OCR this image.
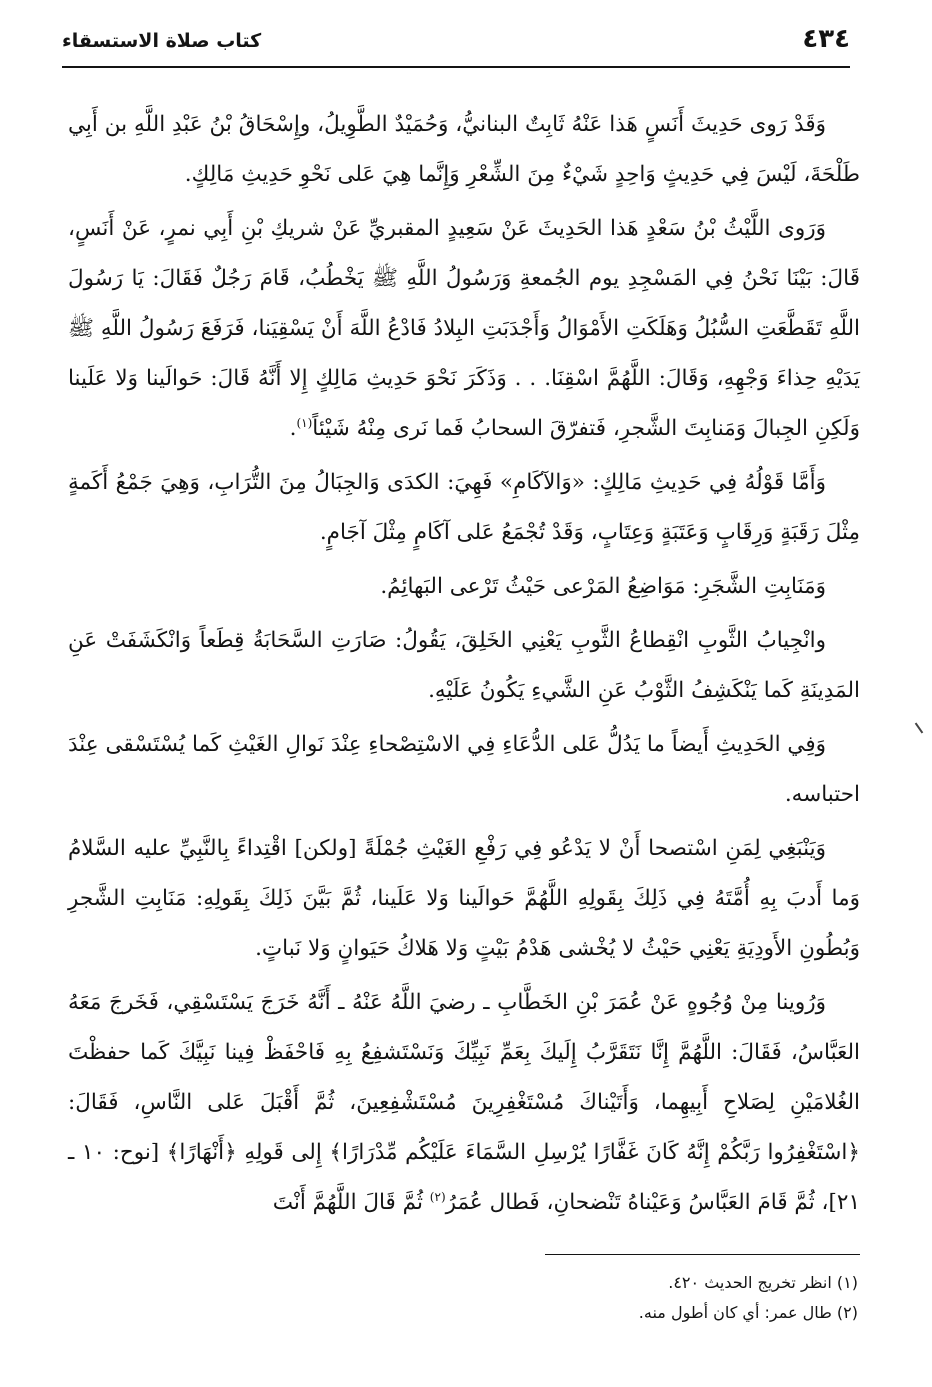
٤٣٤
كتاب صلاة الاستسقاء

وَقَدْ رَوى حَدِيثَ أَنَسٍ هَذا عَنْهُ ثَابِتٌ البنانيُّ، وَحُمَيْدٌ الطَّوِيلُ، وإِسْحَاقُ بْنُ عَبْدِ اللَّهِ بن أَبِي طَلْحَةَ، لَيْسَ فِي حَدِيثٍ وَاحِدٍ شَيْءٌ مِنَ الشِّعْرِ وَإِنَّما هِيَ عَلى نَحْوِ حَدِيثِ مَالِكٍ.

وَرَوى اللَّيْثُ بْنُ سَعْدٍ هَذا الحَدِيثَ عَنْ سَعِيدٍ المقبريِّ عَنْ شريكِ بْنِ أَبِي نمرٍ، عَنْ أَنَسٍ، قَالَ: بَيْنَا نَحْنُ فِي المَسْجِدِ يوم الجُمعةِ وَرَسُولُ اللَّهِ ﷺ يَخْطُبُ، قَامَ رَجُلٌ فَقَالَ: يَا رَسُولَ اللَّهِ تَقَطَّعَتِ السُّبُلُ وَهَلَكَتِ الأَمْوَالُ وَأَجْدَبَتِ البِلادُ فَادْعُ اللَّهَ أَنْ يَسْقِيَنا، فَرَفَعَ رَسُولُ اللَّهِ ﷺ يَدَيْهِ حِذاءَ وَجْهِهِ، وَقَالَ: اللَّهُمَّ اسْقِنَا. . . وَذَكَرَ نَحْوَ حَدِيثِ مَالِكٍ إِلا أَنَّهُ قَالَ: حَوالَينا وَلا عَلَينا وَلَكِنِ الجِبالَ وَمَنابِتَ الشَّجرِ، فَتفرّقَ السحابُ فَما نَرى مِنْهُ شَيْئاً$^{(١)}$.

وَأَمَّا قَوْلُهُ فِي حَدِيثِ مَالِكٍ: «وَالآكَامِ» فَهِيَ: الكدَى وَالجِبَالُ مِنَ التُّرَابِ، وَهِيَ جَمْعُ أَكَمةٍ مِثْلَ رَقَبَةٍ وَرِقَابٍ وَعَتَبَةٍ وَعِتَابٍ، وَقَدْ تُجْمَعُ عَلى آكَامٍ مِثْلَ آجَامٍ.

وَمَنَابِتِ الشَّجَرِ: مَوَاضِعُ المَرْعى حَيْثُ تَرْعى البَهائِمُ.

وانْجِيابُ الثَّوبِ انْقِطاعُ الثَّوبِ يَعْنِي الخَلِقَ، يَقُولُ: صَارَتِ السَّحَابَةُ قِطَعاً وَانْكَشَفَتْ عَنِ المَدِينَةِ كَما يَنْكَشِفُ الثَّوْبُ عَنِ الشَّيءِ يَكُونُ عَلَيْهِ.

وَفِي الحَدِيثِ أَيضاً ما يَدُلُّ عَلى الدُّعَاءِ فِي الاسْتِصْحاءِ عِنْدَ نَوالِ الغَيْثِ كَما يُسْتَسْقى عِنْدَ احتباسه.

وَيَنْبَغِي لِمَنِ اسْتصحا أَنْ لا يَدْعُو فِي رَفْعِ الغَيْثِ جُمْلَةً [ولكن] اقْتِداءً بِالنَّبِيِّ عليه السَّلامُ وَما أَدبَ بِهِ أُمَّتَهُ فِي ذَلِكَ بِقَولِهِ اللَّهُمَّ حَوالَينا وَلا عَلَينا، ثُمَّ بَيَّنَ ذَلِكَ بِقَولِهِ: مَنَابِتِ الشَّجرِ وَبُطُونِ الأَودِيَةِ يَعْنِي حَيْثُ لا يُخْشى هَدْمُ بَيْتٍ وَلا هَلاكُ حَيَوانٍ وَلا نَباتٍ.

وَرُوينا مِنْ وُجُوهٍ عَنْ عُمَرَ بْنِ الخَطَّابِ ـ رضيَ اللَّهُ عَنْهُ ـ أَنَّهُ خَرَجَ يَسْتَسْقِي، فَخَرجَ مَعَهُ العَبَّاسُ، فَقَالَ: اللَّهُمَّ إِنَّا نَتَقَرَّبُ إِلَيكَ بِعَمِّ نَبِيِّكَ وَنَسْتَشفِعُ بِهِ فَاحْفَظْ فِينا نَبِيَّكَ كَما حفظْتَ الغُلامَيْنِ لِصَلاحِ أَبِيهِما، وَأَتَيْناكَ مُسْتَغْفِرِينَ مُسْتَشْفِعِينَ، ثُمَّ أَقْبَلَ عَلى النَّاسِ، فَقَالَ: ﴿اسْتَغْفِرُوا رَبَّكُمْ إِنَّهُ كَانَ غَفَّارًا يُرْسِلِ السَّمَاءَ عَلَيْكُم مِّدْرَارًا﴾ إِلى قَولِهِ ﴿أَنْهَارًا﴾ [نوح: ١٠ ـ ٢١]، ثُمَّ قَامَ العَبَّاسُ وَعَيْناهُ تَنْضحانِ، فَطال عُمَرُ$^{(٢)}$ ثُمَّ قَالَ اللَّهُمَّ أَنْتَ

(١) انظر تخريج الحديث ٤٢٠.
(٢) طال عمر: أي كان أطول منه.
